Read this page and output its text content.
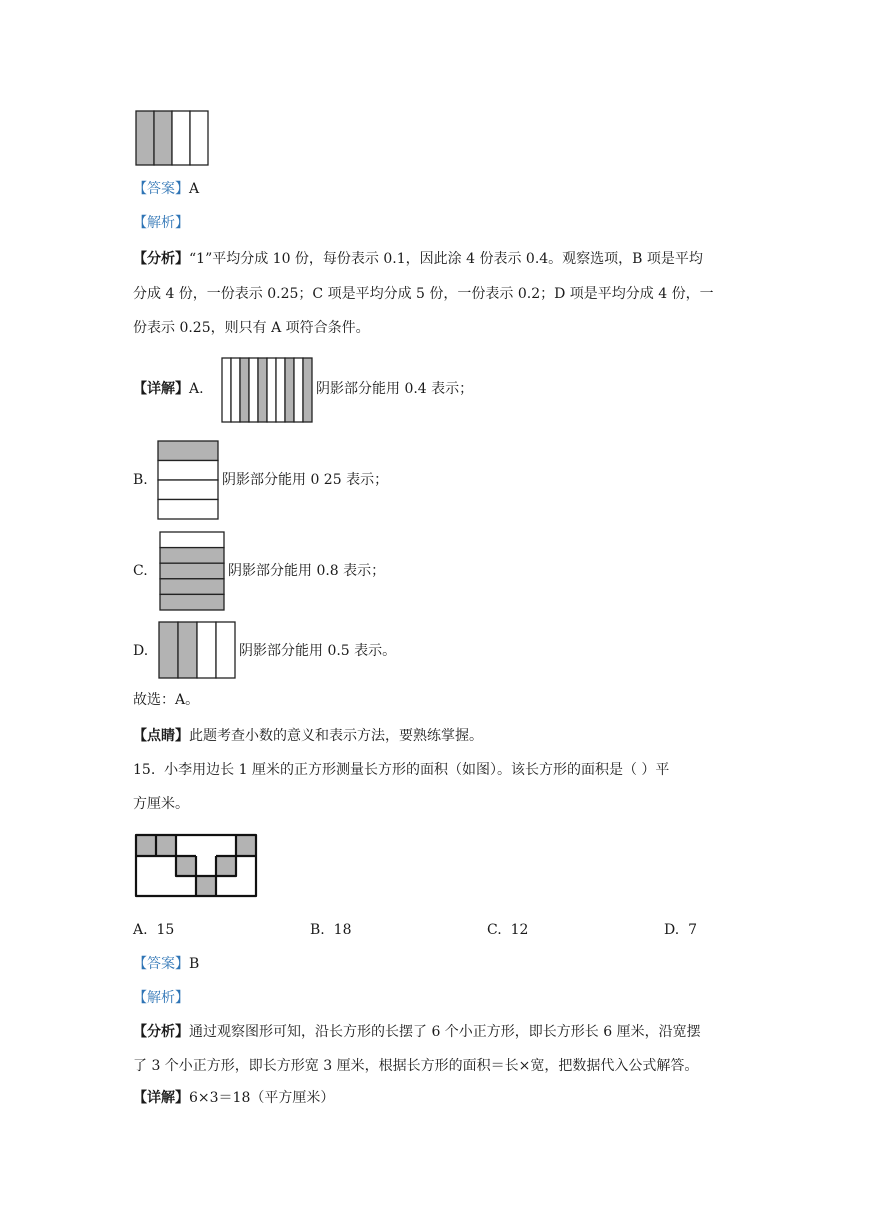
【答案】A
【解析】
【分析】“1”平均分成 10 份，每份表示 0.1，因此涂 4 份表示 0.4。观察选项，B 项是平均
分成 4 份，一份表示 0.25；C 项是平均分成 5 份，一份表示 0.2；D 项是平均分成 4 份，一
份表示 0.25，则只有 A 项符合条件。
【详解】A.	阴影部分能用 0.4 表示；
B.	阴影部分能用 0 25 表示；
C.	阴影部分能用 0.8 表示；
D.	阴影部分能用 0.5 表示。
故选：A。
【点睛】此题考查小数的意义和表示方法，要熟练掌握。
15. 小李用边长 1 厘米的正方形测量长方形的面积（如图）。该长方形的面积是（ ）平
方厘米。
A. 15	B. 18	C. 12	D. 7
【答案】B
【解析】
【分析】通过观察图形可知，沿长方形的长摆了 6 个小正方形，即长方形长 6 厘米，沿宽摆
了 3 个小正方形，即长方形宽 3 厘米，根据长方形的面积＝长×宽，把数据代入公式解答。
【详解】6×3＝18（平方厘米）
